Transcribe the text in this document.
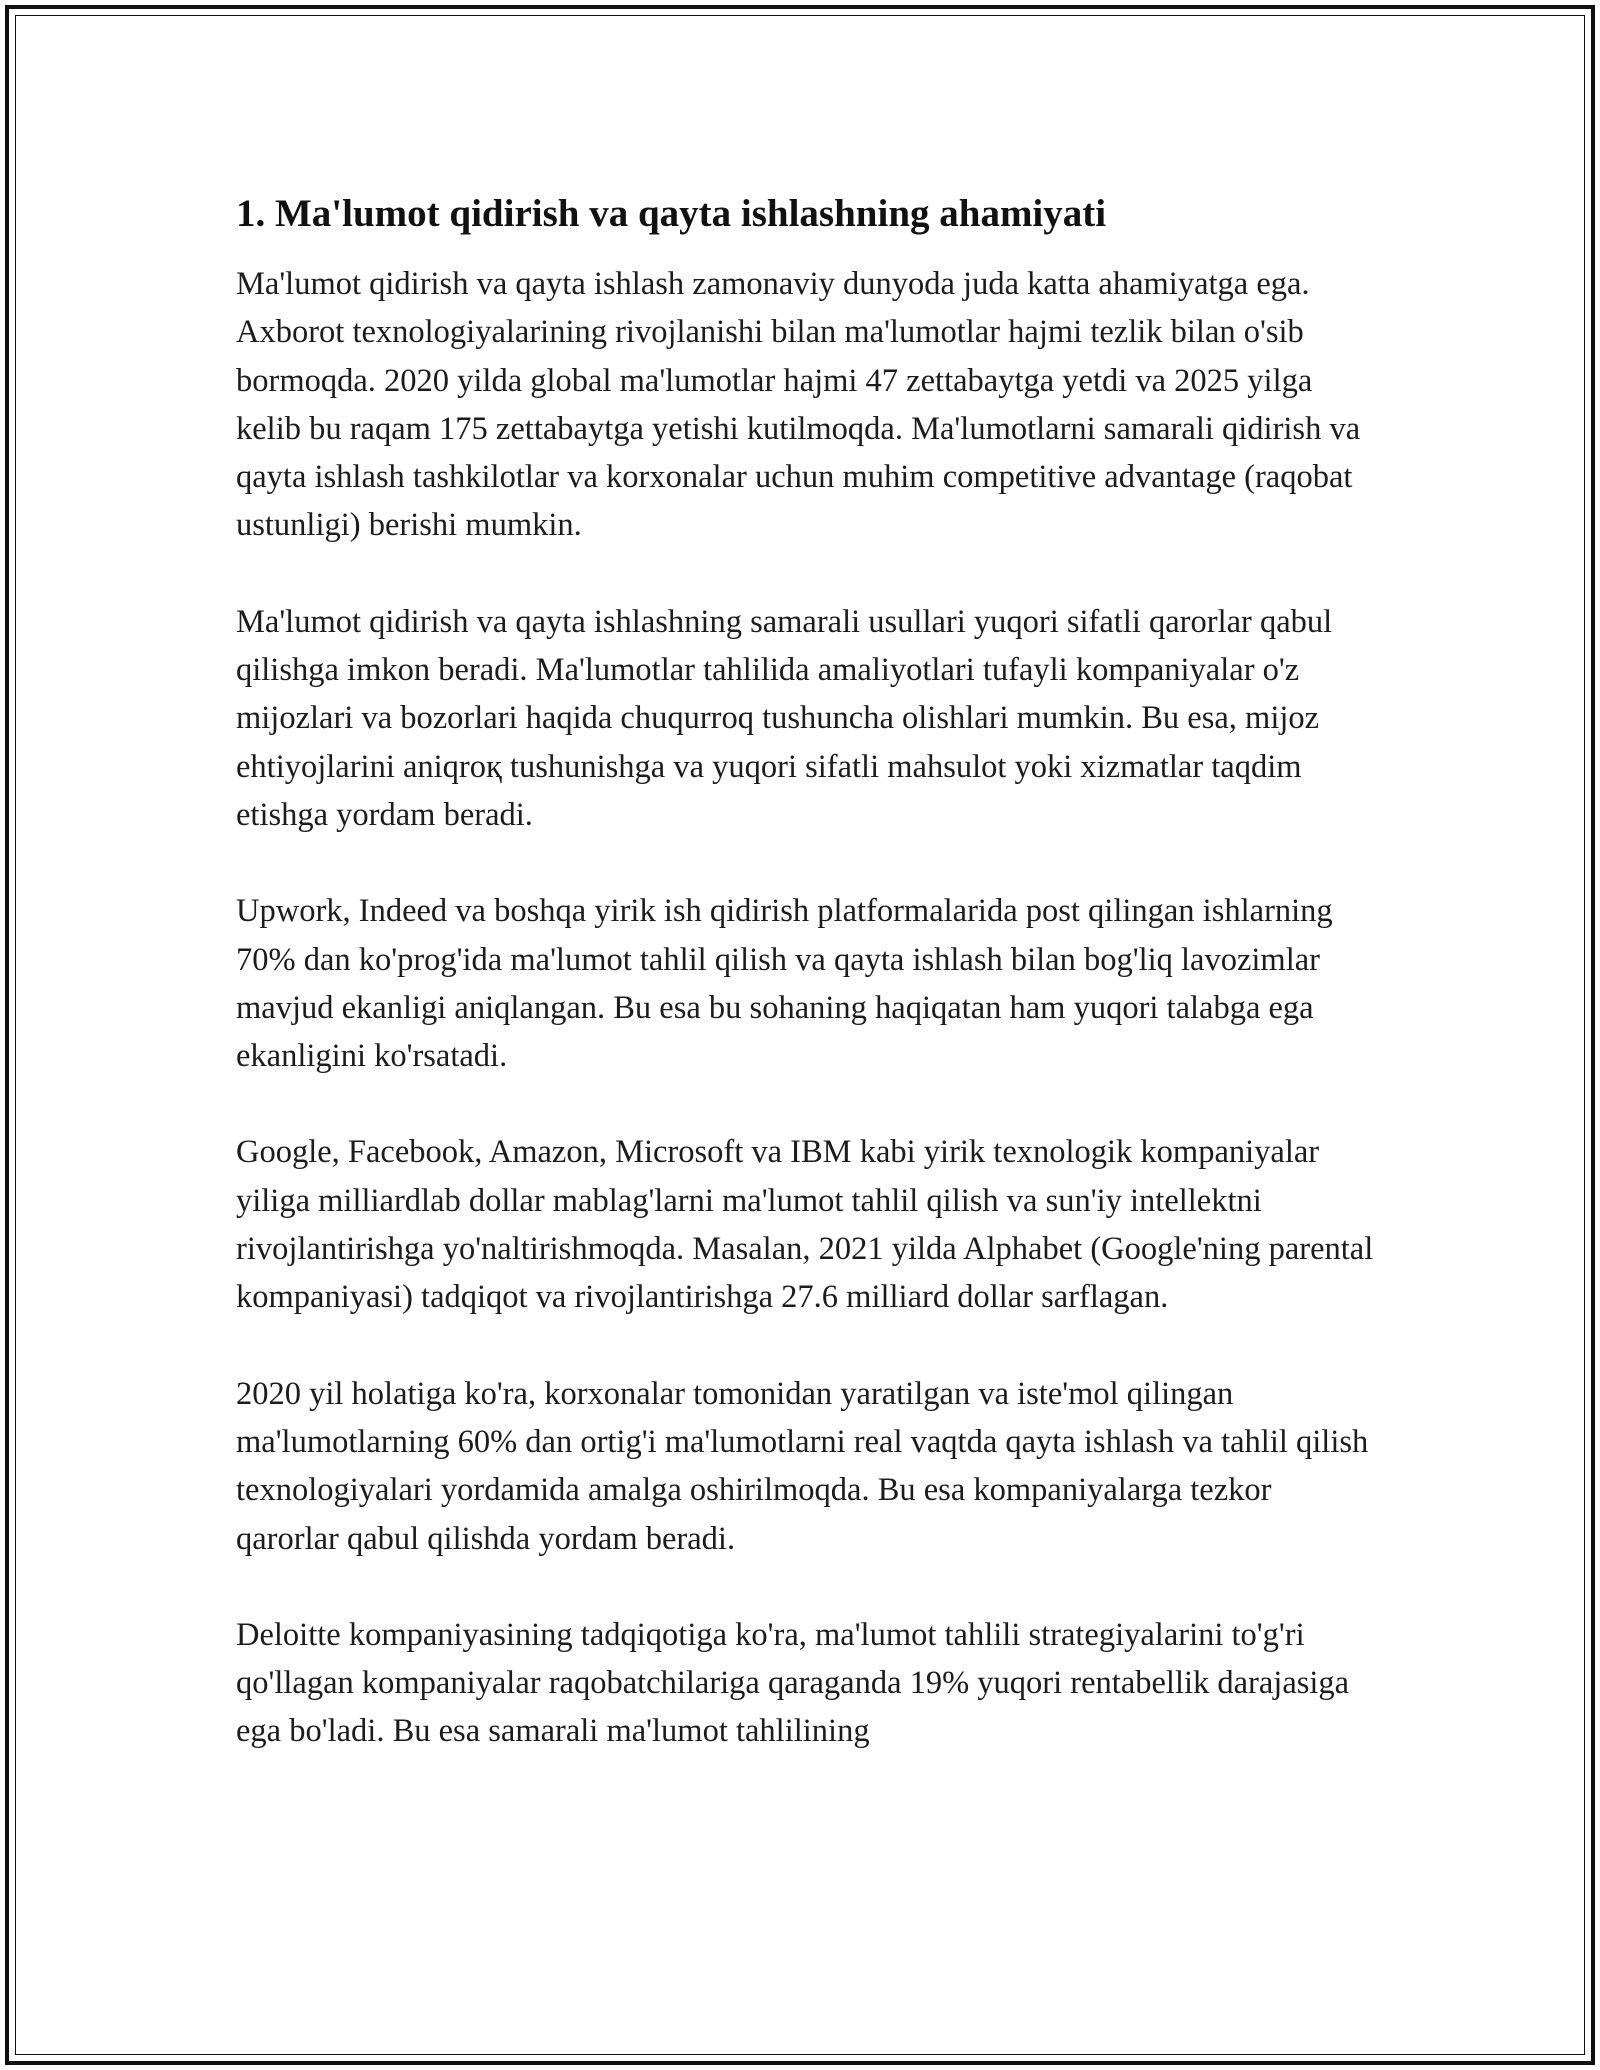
1. Ma'lumot qidirish va qayta ishlashning ahamiyati

Ma'lumot qidirish va qayta ishlash zamonaviy dunyoda juda katta ahamiyatga ega. Axborot texnologiyalarining rivojlanishi bilan ma'lumotlar hajmi tezlik bilan o'sib bormoqda. 2020 yilda global ma'lumotlar hajmi 47 zettabaytga yetdi va 2025 yilga kelib bu raqam 175 zettabaytga yetishi kutilmoqda. Ma'lumotlarni samarali qidirish va qayta ishlash tashkilotlar va korxonalar uchun muhim competitive advantage (raqobat ustunligi) berishi mumkin.

Ma'lumot qidirish va qayta ishlashning samarali usullari yuqori sifatli qarorlar qabul qilishga imkon beradi. Ma'lumotlar tahlilida amaliyotlari tufayli kompaniyalar o'z mijozlari va bozorlari haqida chuqurroq tushuncha olishlari mumkin. Bu esa, mijoz ehtiyojlarini aniqroқ tushunishga va yuqori sifatli mahsulot yoki xizmatlar taqdim etishga yordam beradi.

Upwork, Indeed va boshqa yirik ish qidirish platformalarida post qilingan ishlarning 70% dan ko'prog'ida ma'lumot tahlil qilish va qayta ishlash bilan bog'liq lavozimlar mavjud ekanligi aniqlangan. Bu esa bu sohaning haqiqatan ham yuqori talabga ega ekanligini ko'rsatadi.

Google, Facebook, Amazon, Microsoft va IBM kabi yirik texnologik kompaniyalar yiliga milliardlab dollar mablag'larni ma'lumot tahlil qilish va sun'iy intellektni rivojlantirishga yo'naltirishmoqda. Masalan, 2021 yilda Alphabet (Google'ning parental kompaniyasi) tadqiqot va rivojlantirishga 27.6 milliard dollar sarflagan.

2020 yil holatiga ko'ra, korxonalar tomonidan yaratilgan va iste'mol qilingan ma'lumotlarning 60% dan ortig'i ma'lumotlarni real vaqtda qayta ishlash va tahlil qilish texnologiyalari yordamida amalga oshirilmoqda. Bu esa kompaniyalarga tezkor qarorlar qabul qilishda yordam beradi.

Deloitte kompaniyasining tadqiqotiga ko'ra, ma'lumot tahlili strategiyalarini to'g'ri qo'llagan kompaniyalar raqobatchilariga qaraganda 19% yuqori rentabellik darajasiga ega bo'ladi. Bu esa samarali ma'lumot tahlilining
